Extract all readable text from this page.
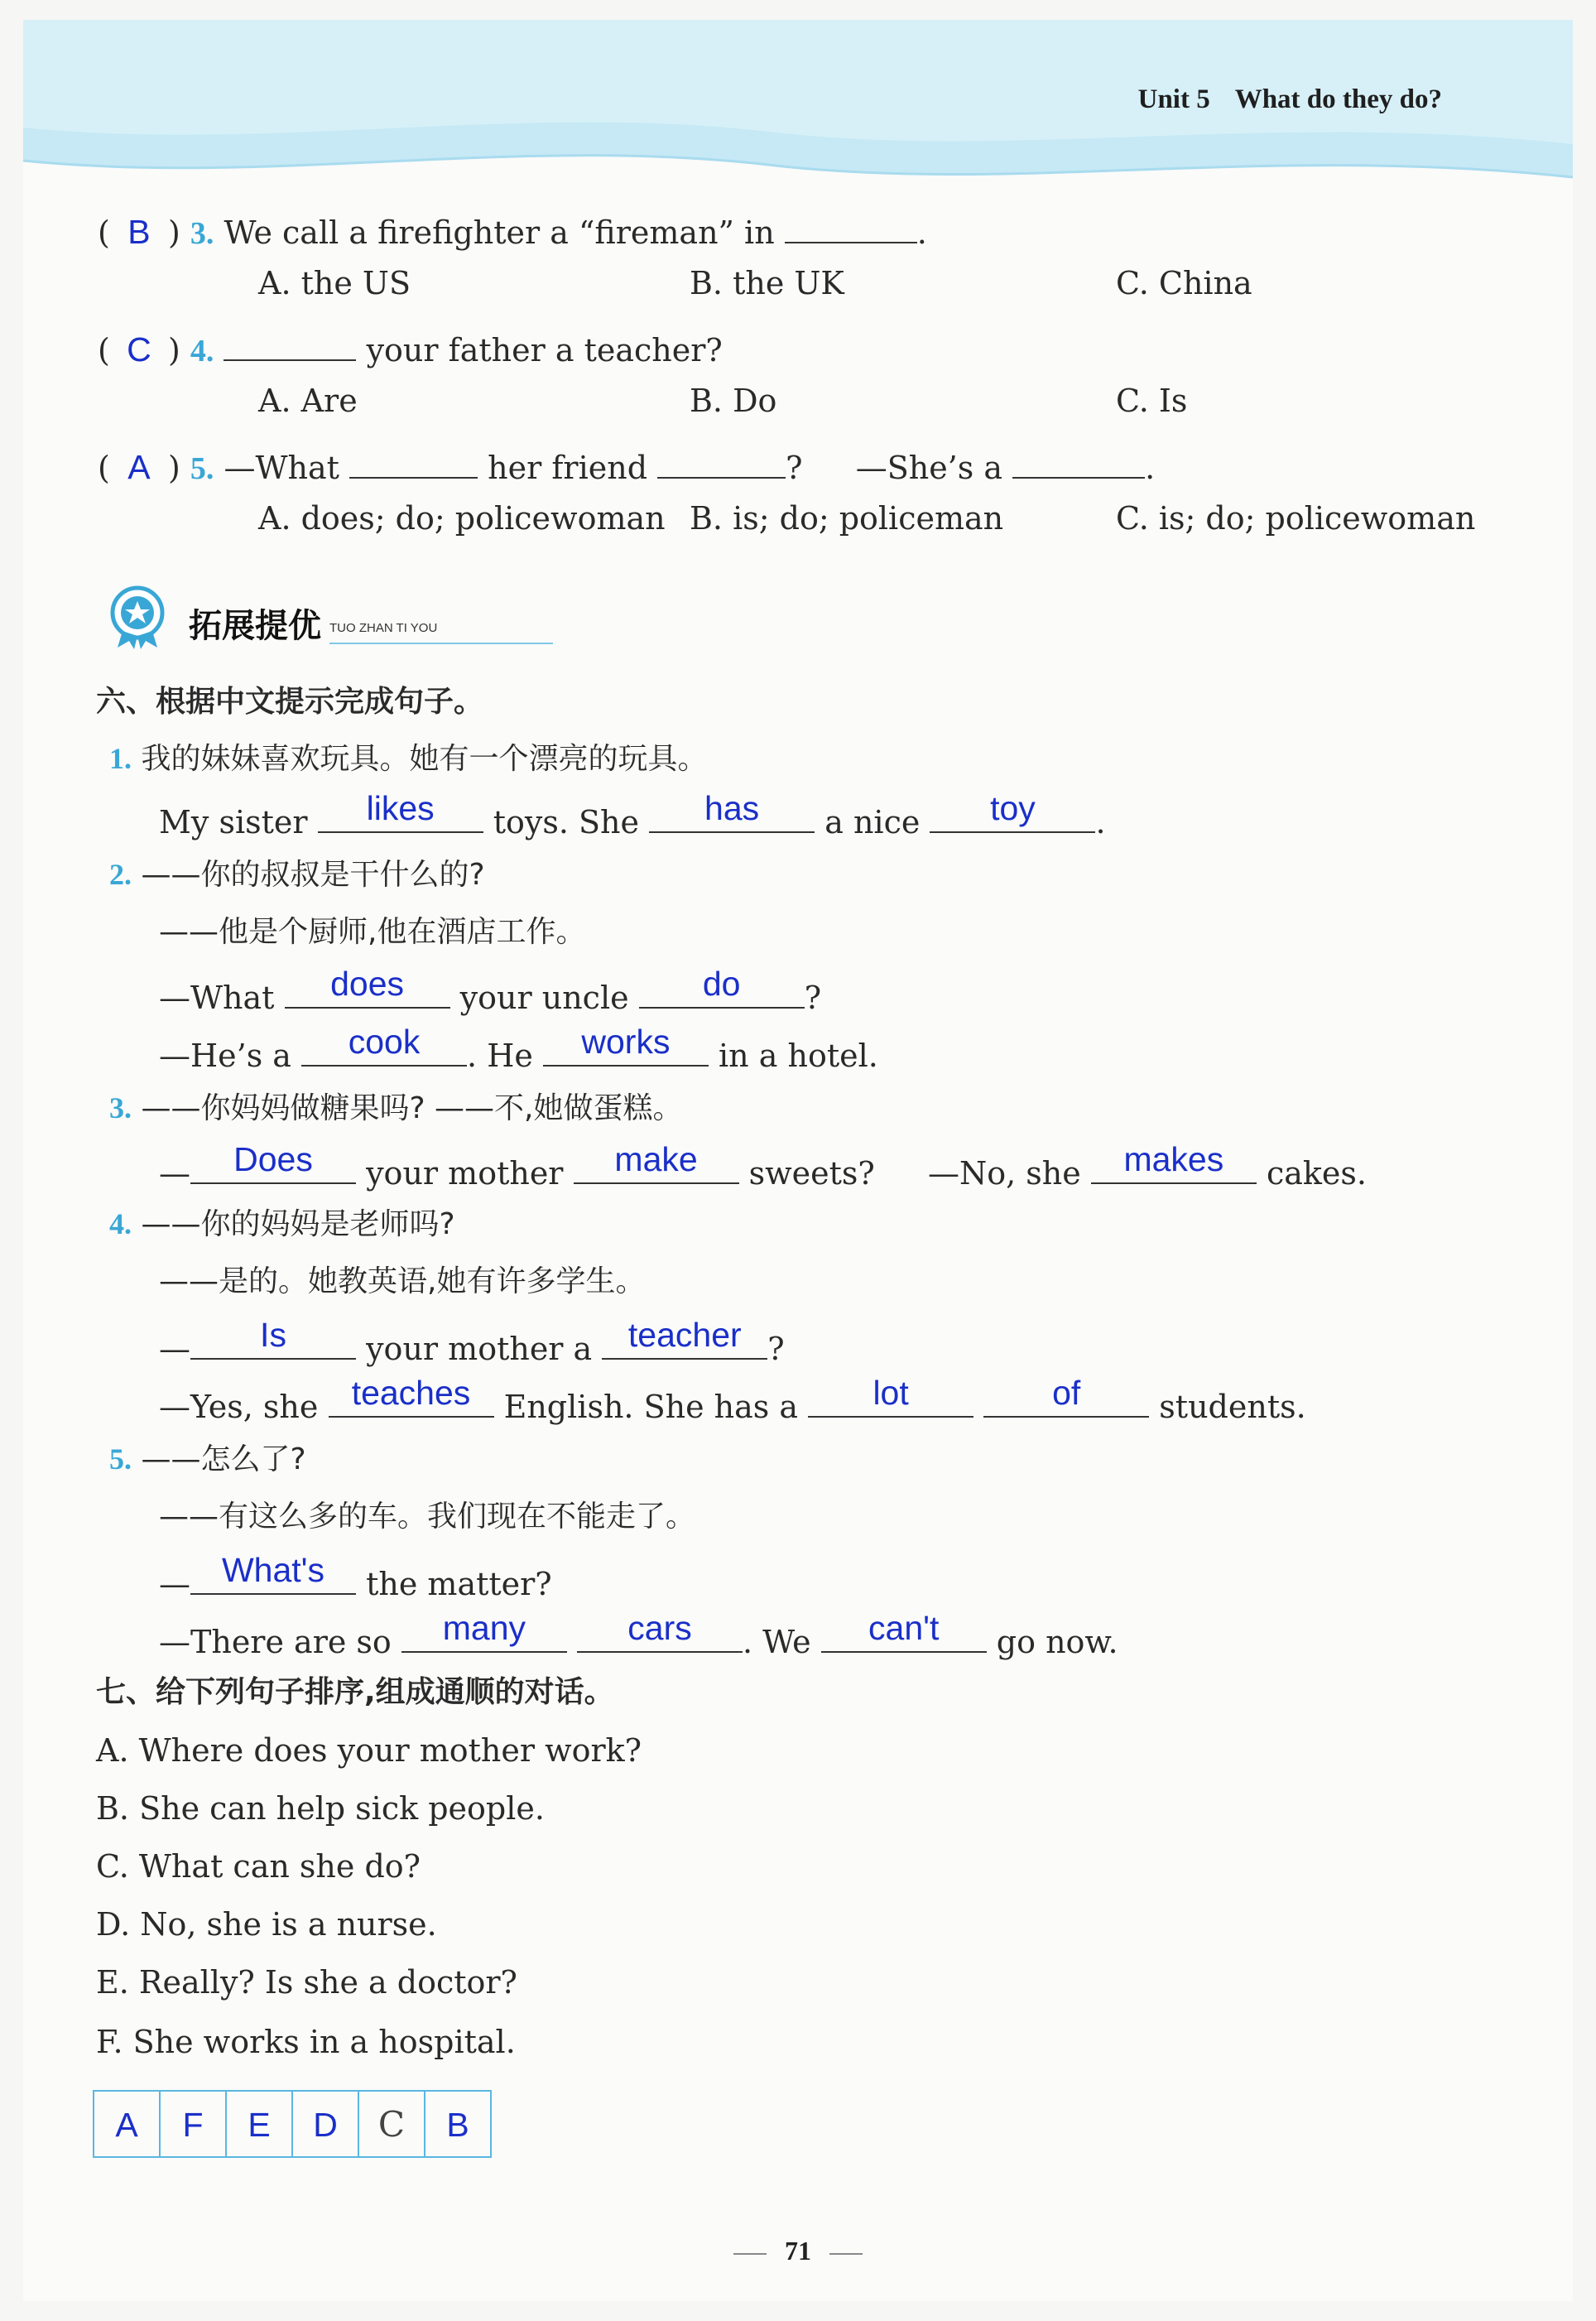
Unit 5 What do they do?
( B ) 3. We call a firefighter a “fireman” in	.
A. the US	B. the UK	C. China
( C ) 4.	your father a teacher?
A. Are	B. Do	C. Is
( A ) 5. —What	her friend	? —She’s a	.
A. does; do; policewoman B. is; do; policeman	C. is; do; policewoman
拓展提优 TUO ZHAN TI YOU
六、根据中文提示完成句子。
1. 我的妹妹喜欢玩具。她有一个漂亮的玩具。
My sister	likes	toys. She	has	a nice	toy	.
2. ——你的叔叔是干什么的?
——他是个厨师,他在酒店工作。
—What	does	your uncle	do	?
—He’s a	cook	. He	works	in a hotel.
3. ——你妈妈做糖果吗? ——不,她做蛋糕。
—	Does	your mother	make	sweets? —No, she	makes	cakes.
4. ——你的妈妈是老师吗?
——是的。她教英语,她有许多学生。
—	Is	your mother a	teacher ?
—Yes, she teaches	English. She has a	lot
	of	students.
5. ——怎么了?
——有这么多的车。我们现在不能走了。
— What's	the matter?
—There are so	many
	cars	. We	can't	go now.
七、给下列句子排序,组成通顺的对话。
A. Where does your mother work?
B. She can help sick people.
C. What can she do?
D. No, she is a nurse.
E. Really? Is she a doctor?
F. She works in a hospital.
A	F	E	D	C	B
71
